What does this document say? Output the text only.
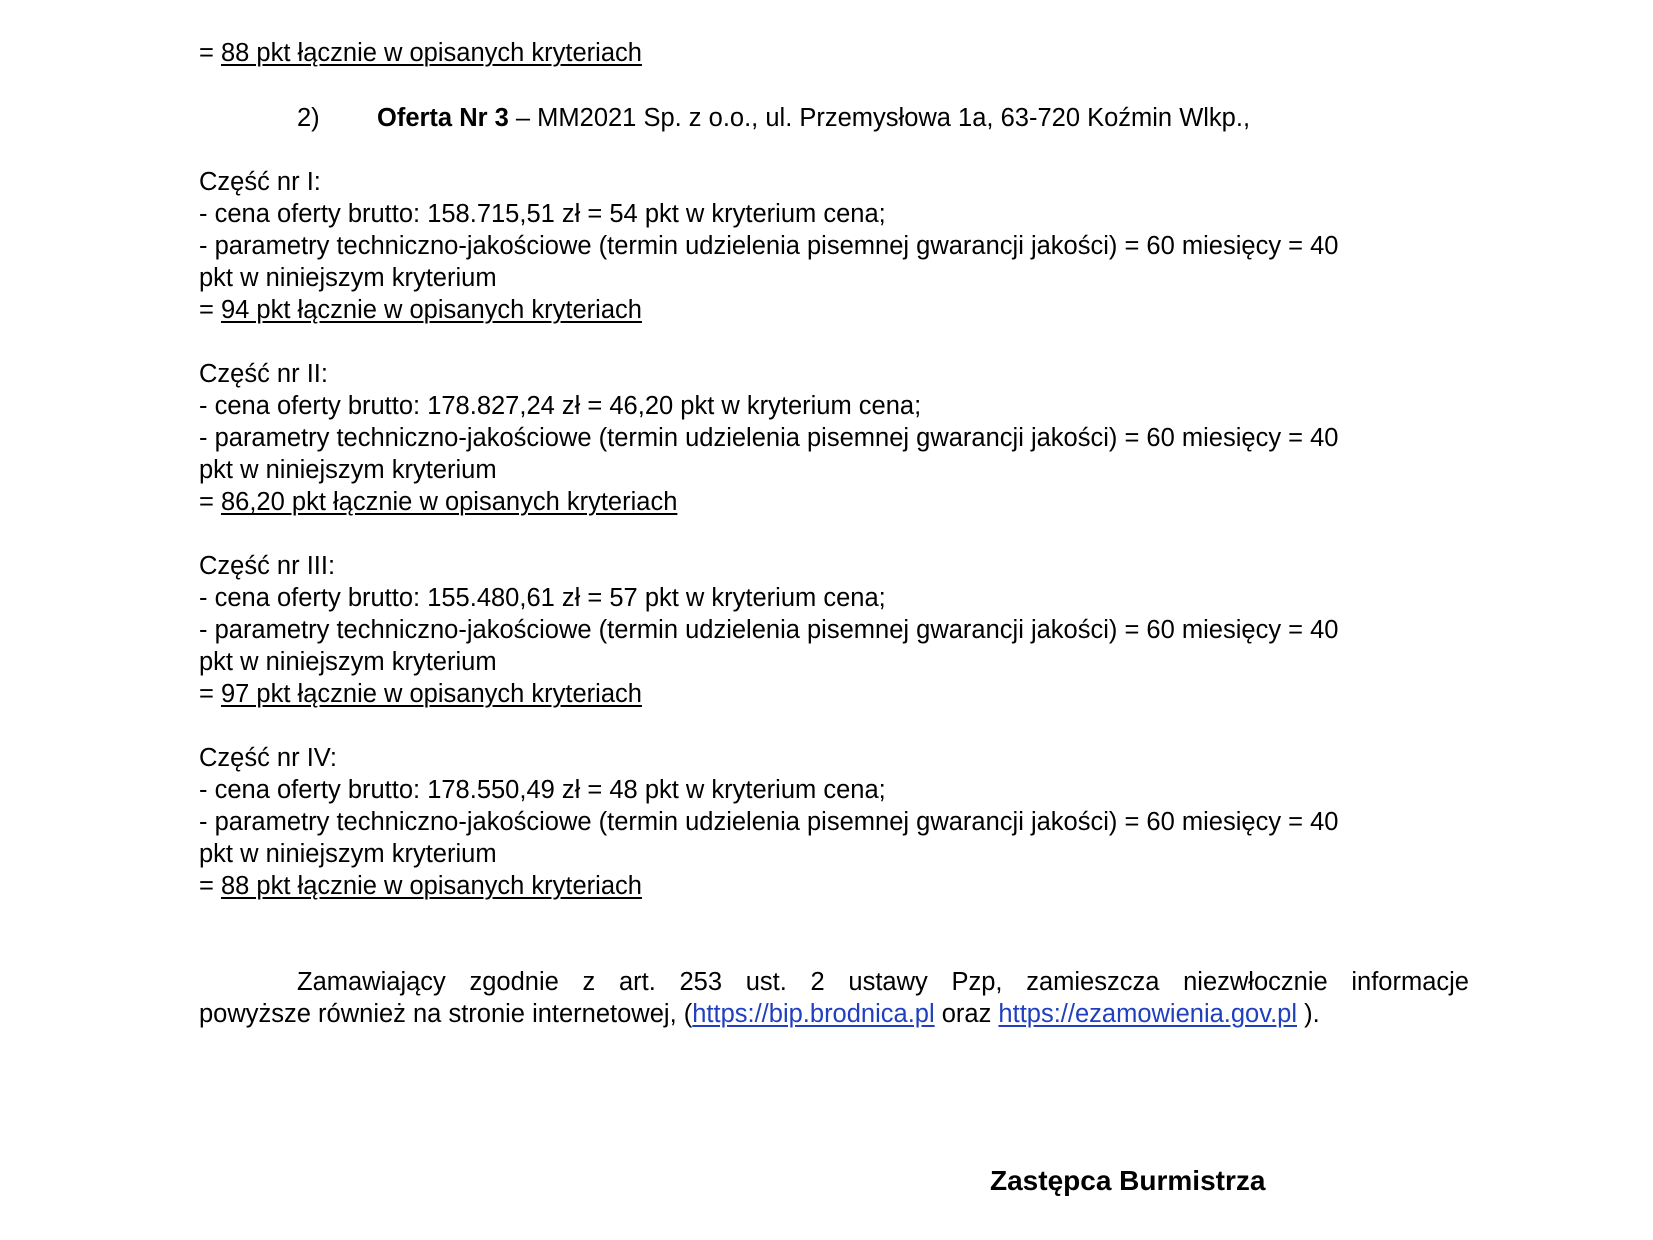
= 88 pkt łącznie w opisanych kryteriach
2) Oferta Nr 3 – MM2021 Sp. z o.o., ul. Przemysłowa 1a, 63-720 Koźmin Wlkp.,
Część nr I:
- cena oferty brutto: 158.715,51 zł = 54 pkt w kryterium cena;
- parametry techniczno-jakościowe (termin udzielenia pisemnej gwarancji jakości) = 60 miesięcy = 40
pkt w niniejszym kryterium
= 94 pkt łącznie w opisanych kryteriach
Część nr II:
- cena oferty brutto: 178.827,24 zł = 46,20 pkt w kryterium cena;
- parametry techniczno-jakościowe (termin udzielenia pisemnej gwarancji jakości) = 60 miesięcy = 40
pkt w niniejszym kryterium
= 86,20 pkt łącznie w opisanych kryteriach
Część nr III:
- cena oferty brutto: 155.480,61 zł = 57 pkt w kryterium cena;
- parametry techniczno-jakościowe (termin udzielenia pisemnej gwarancji jakości) = 60 miesięcy = 40
pkt w niniejszym kryterium
= 97 pkt łącznie w opisanych kryteriach
Część nr IV:
- cena oferty brutto: 178.550,49 zł = 48 pkt w kryterium cena;
- parametry techniczno-jakościowe (termin udzielenia pisemnej gwarancji jakości) = 60 miesięcy = 40
pkt w niniejszym kryterium
= 88 pkt łącznie w opisanych kryteriach
Zamawiający zgodnie z art. 253 ust. 2 ustawy Pzp, zamieszcza niezwłocznie informacje
powyższe również na stronie internetowej, (https://bip.brodnica.pl oraz https://ezamowienia.gov.pl ).
Zastępca Burmistrza
